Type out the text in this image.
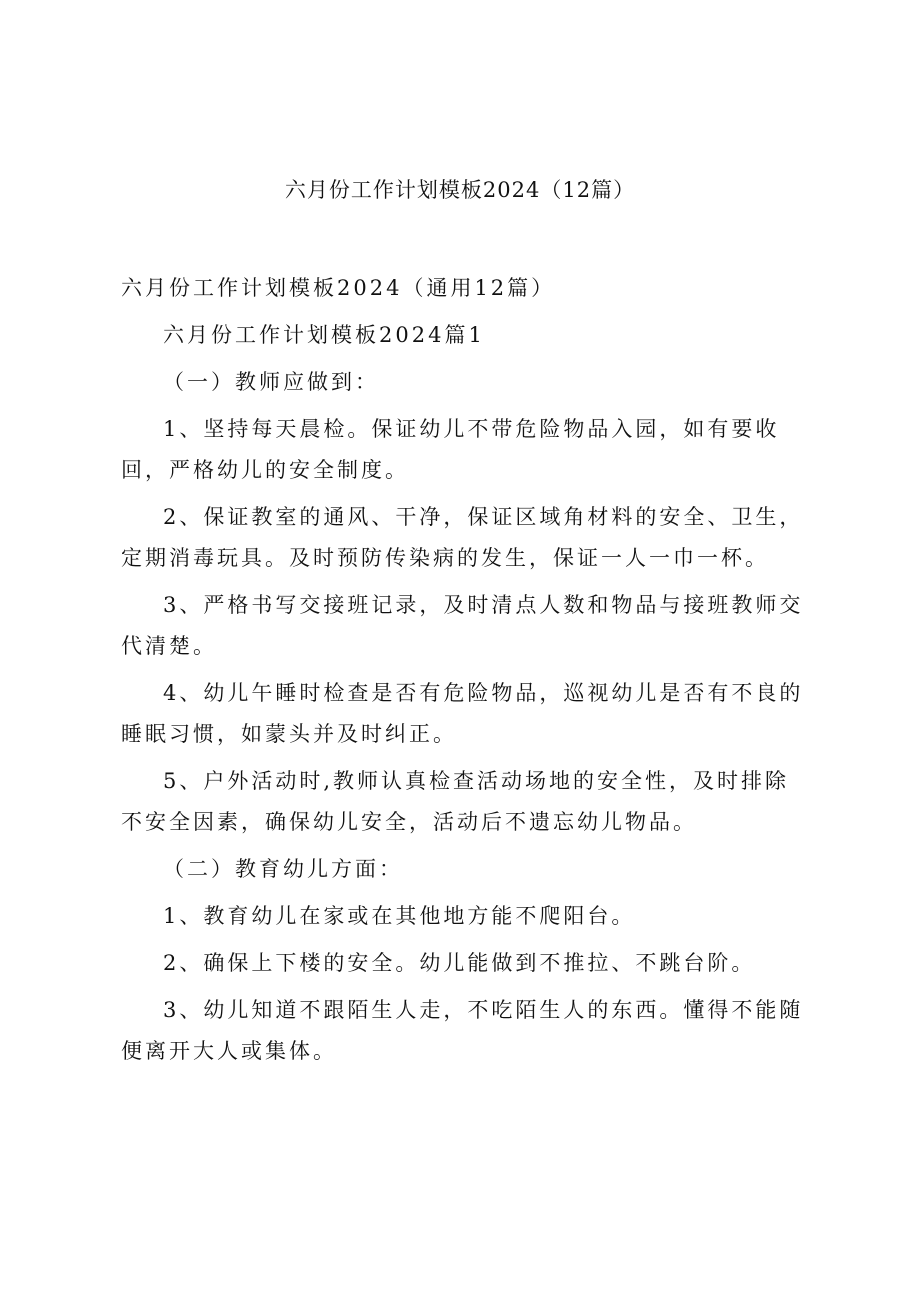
六月份工作计划模板2024（12篇）

六月份工作计划模板2024（通用12篇）

六月份工作计划模板2024篇1

（一）教师应做到：

1、坚持每天晨检。保证幼儿不带危险物品入园，如有要收回，严格幼儿的安全制度。

2、保证教室的通风、干净，保证区域角材料的安全、卫生，定期消毒玩具。及时预防传染病的发生，保证一人一巾一杯。

3、严格书写交接班记录，及时清点人数和物品与接班教师交代清楚。

4、幼儿午睡时检查是否有危险物品，巡视幼儿是否有不良的睡眠习惯，如蒙头并及时纠正。

5、户外活动时,教师认真检查活动场地的安全性，及时排除不安全因素，确保幼儿安全，活动后不遗忘幼儿物品。

（二）教育幼儿方面：

1、教育幼儿在家或在其他地方能不爬阳台。

2、确保上下楼的安全。幼儿能做到不推拉、不跳台阶。

3、幼儿知道不跟陌生人走，不吃陌生人的东西。懂得不能随便离开大人或集体。
